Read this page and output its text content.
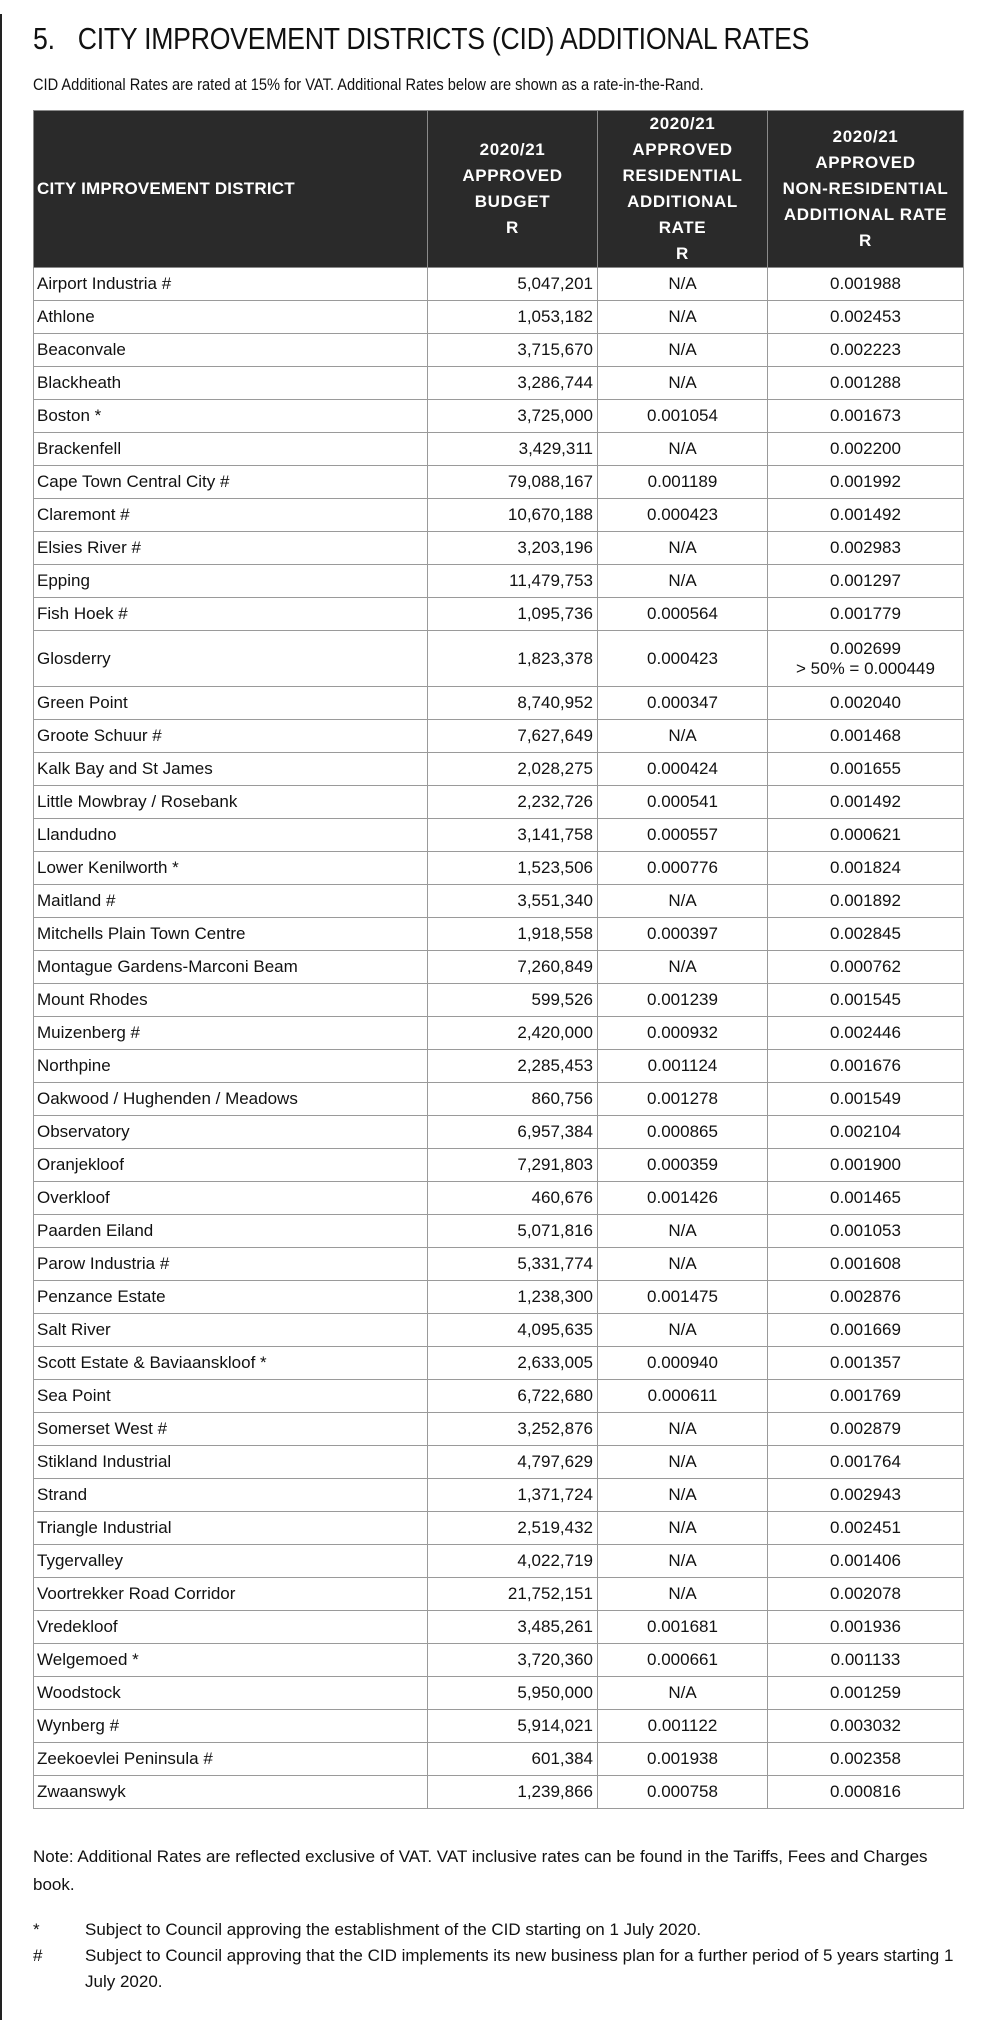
5. CITY IMPROVEMENT DISTRICTS (CID) ADDITIONAL RATES

CID Additional Rates are rated at 15% for VAT. Additional Rates below are shown as a rate-in-the-Rand.

CITY IMPROVEMENT DISTRICT	2020/21
APPROVED
BUDGET
R	2020/21
APPROVED
RESIDENTIAL
ADDITIONAL RATE
R	2020/21
APPROVED
NON-RESIDENTIAL
ADDITIONAL RATE
R
Airport Industria #	5,047,201	N/A	0.001988
Athlone	1,053,182	N/A	0.002453
Beaconvale	3,715,670	N/A	0.002223
Blackheath	3,286,744	N/A	0.001288
Boston *	3,725,000	0.001054	0.001673
Brackenfell	3,429,311	N/A	0.002200
Cape Town Central City #	79,088,167	0.001189	0.001992
Claremont #	10,670,188	0.000423	0.001492
Elsies River #	3,203,196	N/A	0.002983
Epping	11,479,753	N/A	0.001297
Fish Hoek #	1,095,736	0.000564	0.001779
Glosderry	1,823,378	0.000423	0.002699
> 50% = 0.000449

Green Point	8,740,952	0.000347	0.002040
Groote Schuur #	7,627,649	N/A	0.001468
Kalk Bay and St James	2,028,275	0.000424	0.001655
Little Mowbray / Rosebank	2,232,726	0.000541	0.001492
Llandudno	3,141,758	0.000557	0.000621
Lower Kenilworth *	1,523,506	0.000776	0.001824
Maitland #	3,551,340	N/A	0.001892
Mitchells Plain Town Centre	1,918,558	0.000397	0.002845
Montague Gardens-Marconi Beam	7,260,849	N/A	0.000762
Mount Rhodes	599,526	0.001239	0.001545
Muizenberg #	2,420,000	0.000932	0.002446
Northpine	2,285,453	0.001124	0.001676
Oakwood / Hughenden / Meadows	860,756	0.001278	0.001549
Observatory	6,957,384	0.000865	0.002104
Oranjekloof	7,291,803	0.000359	0.001900
Overkloof	460,676	0.001426	0.001465
Paarden Eiland	5,071,816	N/A	0.001053
Parow Industria #	5,331,774	N/A	0.001608
Penzance Estate	1,238,300	0.001475	0.002876
Salt River	4,095,635	N/A	0.001669
Scott Estate & Baviaanskloof *	2,633,005	0.000940	0.001357
Sea Point	6,722,680	0.000611	0.001769
Somerset West #	3,252,876	N/A	0.002879
Stikland Industrial	4,797,629	N/A	0.001764
Strand	1,371,724	N/A	0.002943
Triangle Industrial	2,519,432	N/A	0.002451
Tygervalley	4,022,719	N/A	0.001406
Voortrekker Road Corridor	21,752,151	N/A	0.002078
Vredekloof	3,485,261	0.001681	0.001936
Welgemoed *	3,720,360	0.000661	0.001133
Woodstock	5,950,000	N/A	0.001259
Wynberg #	5,914,021	0.001122	0.003032
Zeekoevlei Peninsula #	601,384	0.001938	0.002358
Zwaanswyk	1,239,866	0.000758	0.000816
Note: Additional Rates are reflected exclusive of VAT. VAT inclusive rates can be found in the Tariffs, Fees and Charges book.
*	Subject to Council approving the establishment of the CID starting on 1 July 2020.
#	Subject to Council approving that the CID implements its new business plan for a further period of 5 years starting 1 July 2020.
